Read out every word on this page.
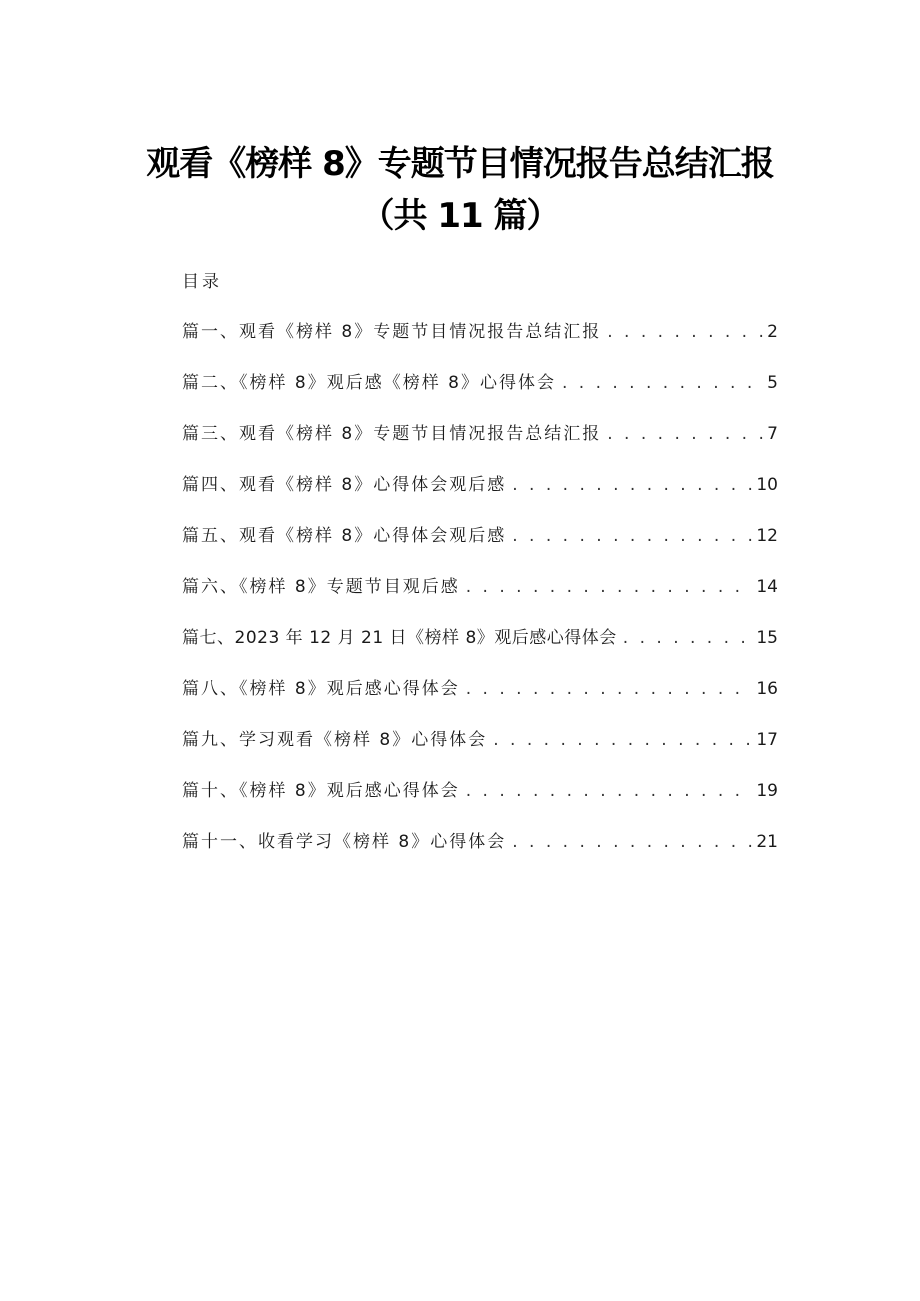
观看《榜样 8》专题节目情况报告总结汇报
（共 11 篇）
目录
篇一、观看《榜样 8》专题节目情况报告总结汇报 . . .	2
篇二、《榜样 8》观后感《榜样 8》心得体会 . . .	5
篇三、观看《榜样 8》专题节目情况报告总结汇报 . . .	7
篇四、观看《榜样 8》心得体会观后感 . . .	10
篇五、观看《榜样 8》心得体会观后感 . . .	12
篇六、《榜样 8》专题节目观后感 . . .	14
篇七、2023 年 12 月 21 日《榜样 8》观后感心得体会 . . .	15
篇八、《榜样 8》观后感心得体会 . . .	16
篇九、学习观看《榜样 8》心得体会 . . .	17
篇十、《榜样 8》观后感心得体会 . . .	19
篇十一、收看学习《榜样 8》心得体会 . . .	21
